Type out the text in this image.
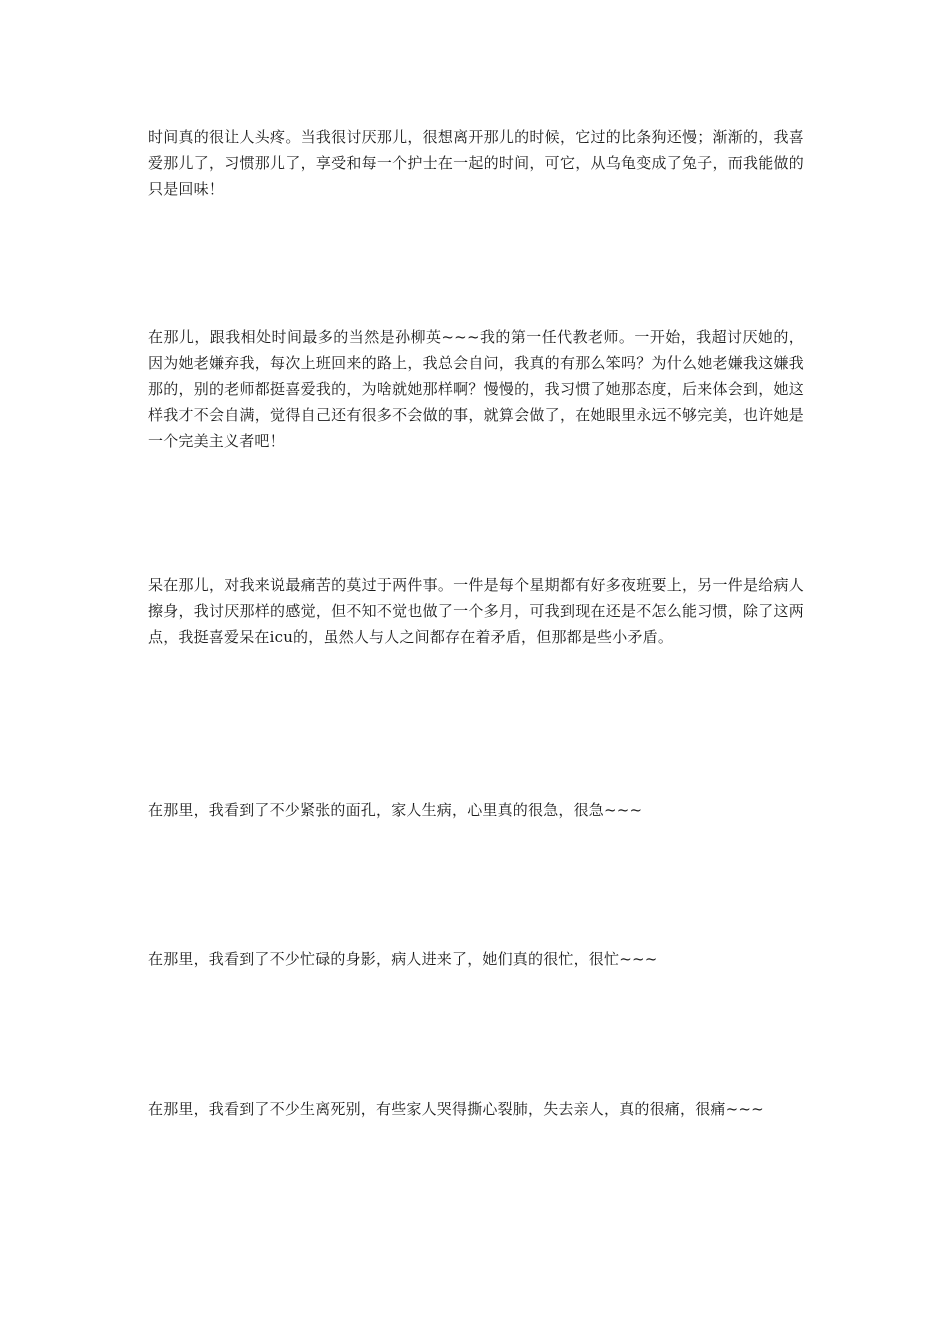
时间真的很让人头疼。当我很讨厌那儿，很想离开那儿的时候，它过的比条狗还慢；渐渐的，我喜爱那儿了，习惯那儿了，享受和每一个护士在一起的时间，可它，从乌龟变成了兔子，而我能做的只是回味！

在那儿，跟我相处时间最多的当然是孙柳英~~~我的第一任代教老师。一开始，我超讨厌她的，因为她老嫌弃我，每次上班回来的路上，我总会自问，我真的有那么笨吗？为什么她老嫌我这嫌我那的，别的老师都挺喜爱我的，为啥就她那样啊？慢慢的，我习惯了她那态度，后来体会到，她这样我才不会自满，觉得自己还有很多不会做的事，就算会做了，在她眼里永远不够完美，也许她是一个完美主义者吧！

呆在那儿，对我来说最痛苦的莫过于两件事。一件是每个星期都有好多夜班要上，另一件是给病人擦身，我讨厌那样的感觉，但不知不觉也做了一个多月，可我到现在还是不怎么能习惯，除了这两点，我挺喜爱呆在icu的，虽然人与人之间都存在着矛盾，但那都是些小矛盾。

在那里，我看到了不少紧张的面孔，家人生病，心里真的很急，很急~~~

在那里，我看到了不少忙碌的身影，病人进来了，她们真的很忙，很忙~~~

在那里，我看到了不少生离死别，有些家人哭得撕心裂肺，失去亲人，真的很痛，很痛~~~
